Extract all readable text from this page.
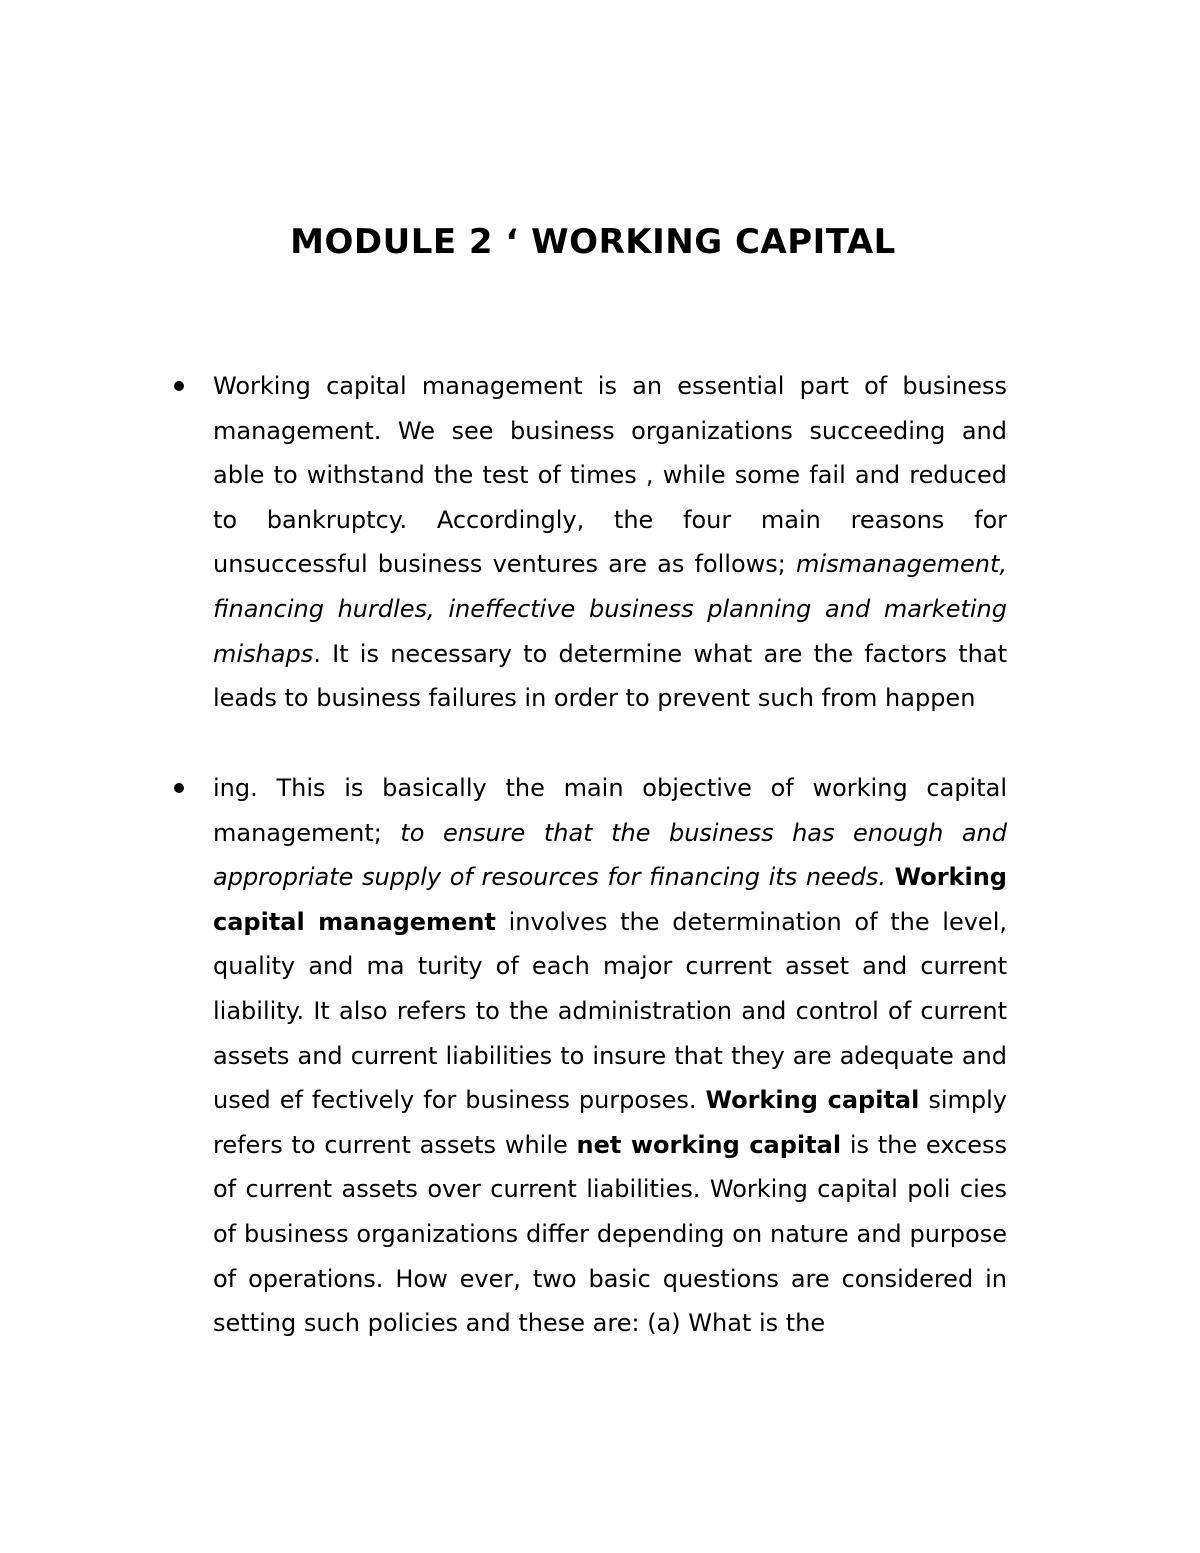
MODULE 2 ‘ WORKING CAPITAL

Working capital management is an essential part of business management. We see business organizations succeeding and able to withstand the test of times , while some fail and reduced to bankruptcy. Accordingly, the four main reasons for unsuccessful business ventures are as follows; mismanagement, financing hurdles, ineffective business planning and marketing mishaps. It is necessary to determine what are the factors that leads to business failures in order to prevent such from happen

ing. This is basically the main objective of working capital management; to ensure that the business has enough and appropriate supply of resources for financing its needs. Working capital management involves the determination of the level, quality and ma turity of each major current asset and current liability. It also refers to the administration and control of current assets and current liabilities to insure that they are adequate and used ef fectively for business purposes. Working capital simply refers to current assets while net working capital is the excess of current assets over current liabilities. Working capital poli cies of business organizations differ depending on nature and purpose of operations. How ever, two basic questions are considered in setting such policies and these are: (a) What is the
